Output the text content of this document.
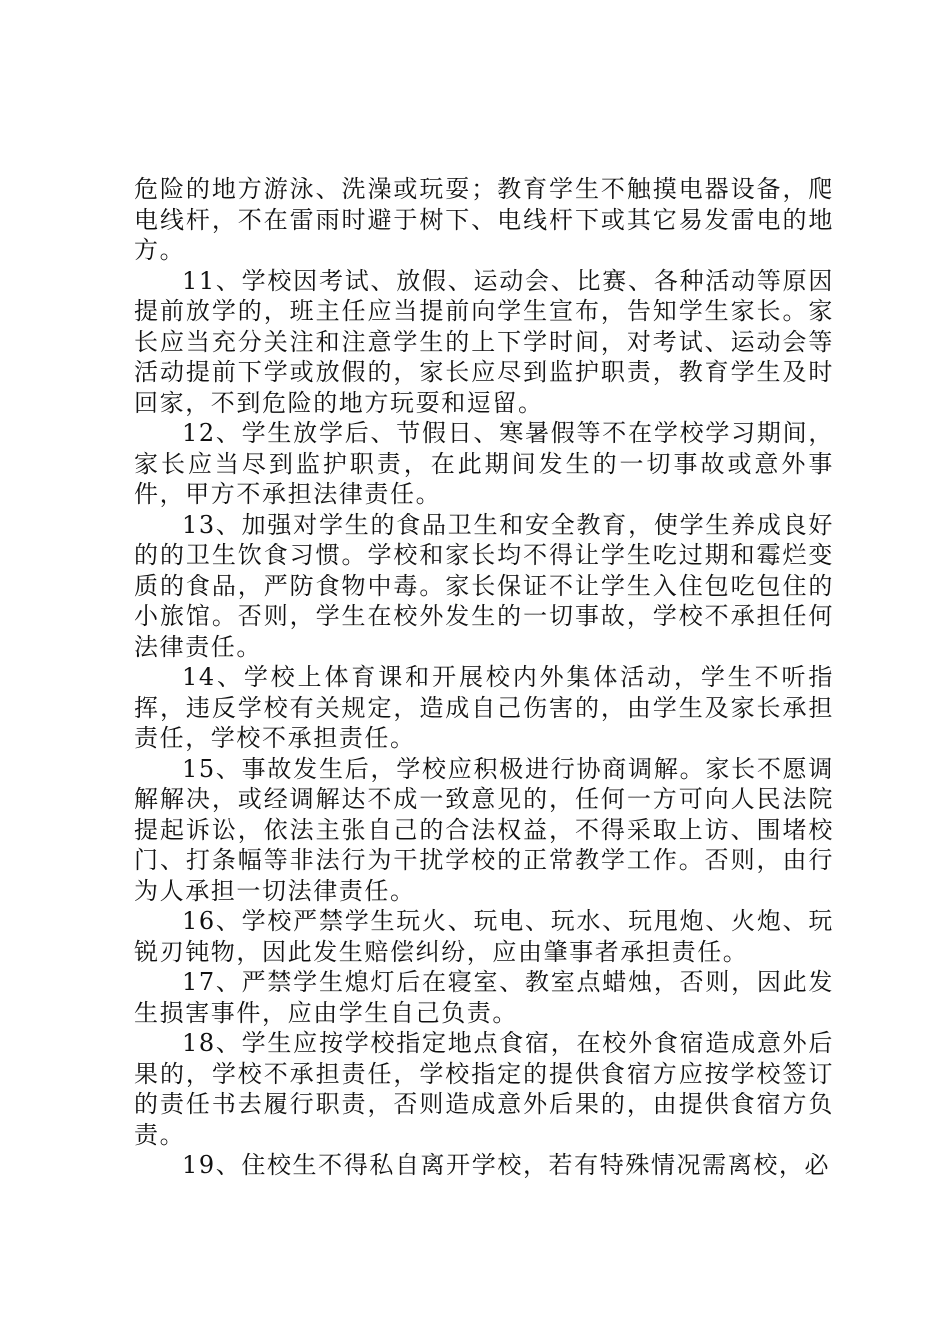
危险的地方游泳、洗澡或玩耍；教育学生不触摸电器设备，爬电线杆，不在雷雨时避于树下、电线杆下或其它易发雷电的地方。

11、学校因考试、放假、运动会、比赛、各种活动等原因提前放学的，班主任应当提前向学生宣布，告知学生家长。家长应当充分关注和注意学生的上下学时间，对考试、运动会等活动提前下学或放假的，家长应尽到监护职责，教育学生及时回家，不到危险的地方玩耍和逗留。

12、学生放学后、节假日、寒暑假等不在学校学习期间，家长应当尽到监护职责，在此期间发生的一切事故或意外事件，甲方不承担法律责任。

13、加强对学生的食品卫生和安全教育，使学生养成良好的的卫生饮食习惯。学校和家长均不得让学生吃过期和霉烂变质的食品，严防食物中毒。家长保证不让学生入住包吃包住的小旅馆。否则，学生在校外发生的一切事故，学校不承担任何法律责任。

14、学校上体育课和开展校内外集体活动，学生不听指挥，违反学校有关规定，造成自己伤害的，由学生及家长承担责任，学校不承担责任。

15、事故发生后，学校应积极进行协商调解。家长不愿调解解决，或经调解达不成一致意见的，任何一方可向人民法院提起诉讼，依法主张自己的合法权益，不得采取上访、围堵校门、打条幅等非法行为干扰学校的正常教学工作。否则，由行为人承担一切法律责任。

16、学校严禁学生玩火、玩电、玩水、玩甩炮、火炮、玩锐刃钝物，因此发生赔偿纠纷，应由肇事者承担责任。

17、严禁学生熄灯后在寝室、教室点蜡烛，否则，因此发生损害事件，应由学生自己负责。

18、学生应按学校指定地点食宿，在校外食宿造成意外后果的，学校不承担责任，学校指定的提供食宿方应按学校签订的责任书去履行职责，否则造成意外后果的，由提供食宿方负责。

19、住校生不得私自离开学校，若有特殊情况需离校，必
